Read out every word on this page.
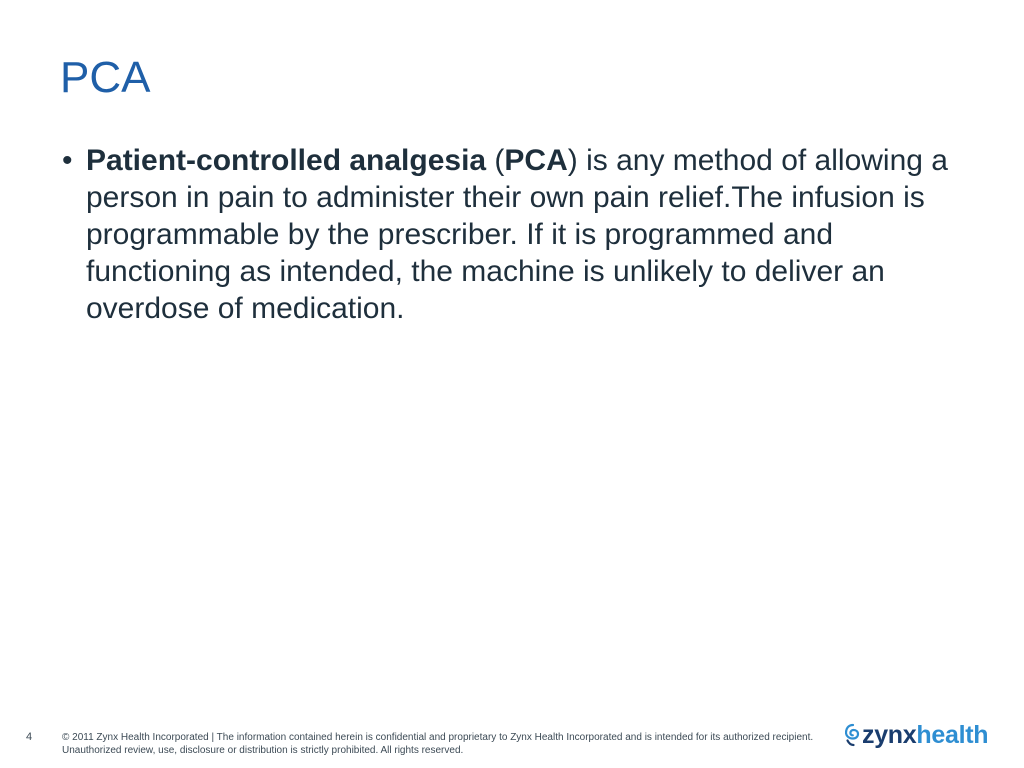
PCA
• Patient-controlled analgesia (PCA) is any method of allowing a person in pain to administer their own pain relief.The infusion is programmable by the prescriber. If it is programmed and functioning as intended, the machine is unlikely to deliver an overdose of medication.
4	© 2011 Zynx Health Incorporated | The information contained herein is confidential and proprietary to Zynx Health Incorporated and is intended for its authorized recipient. Unauthorized review, use, disclosure or distribution is strictly prohibited. All rights reserved.
zynxhealth
